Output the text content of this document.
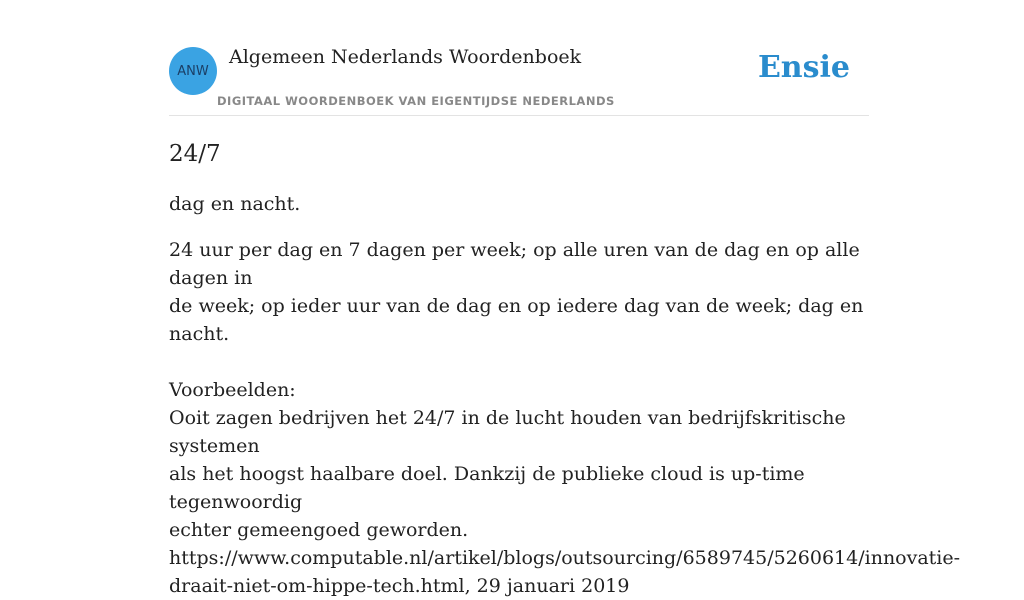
ANW
Algemeen Nederlands Woordenboek
DIGITAAL WOORDENBOEK VAN EIGENTIJDSE NEDERLANDS
Ensie
24/7

dag en nacht.

24 uur per dag en 7 dagen per week; op alle uren van de dag en op alle dagen in
de week; op ieder uur van de dag en op iedere dag van de week; dag en nacht.

Voorbeelden:
Ooit zagen bedrijven het 24/7 in de lucht houden van bedrijfskritische systemen
als het hoogst haalbare doel. Dankzij de publieke cloud is up-time tegenwoordig
echter gemeengoed geworden.
https://www.computable.nl/artikel/blogs/outsourcing/6589745/5260614/innovatie-
draait-niet-om-hippe-tech.html, 29 januari 2019
